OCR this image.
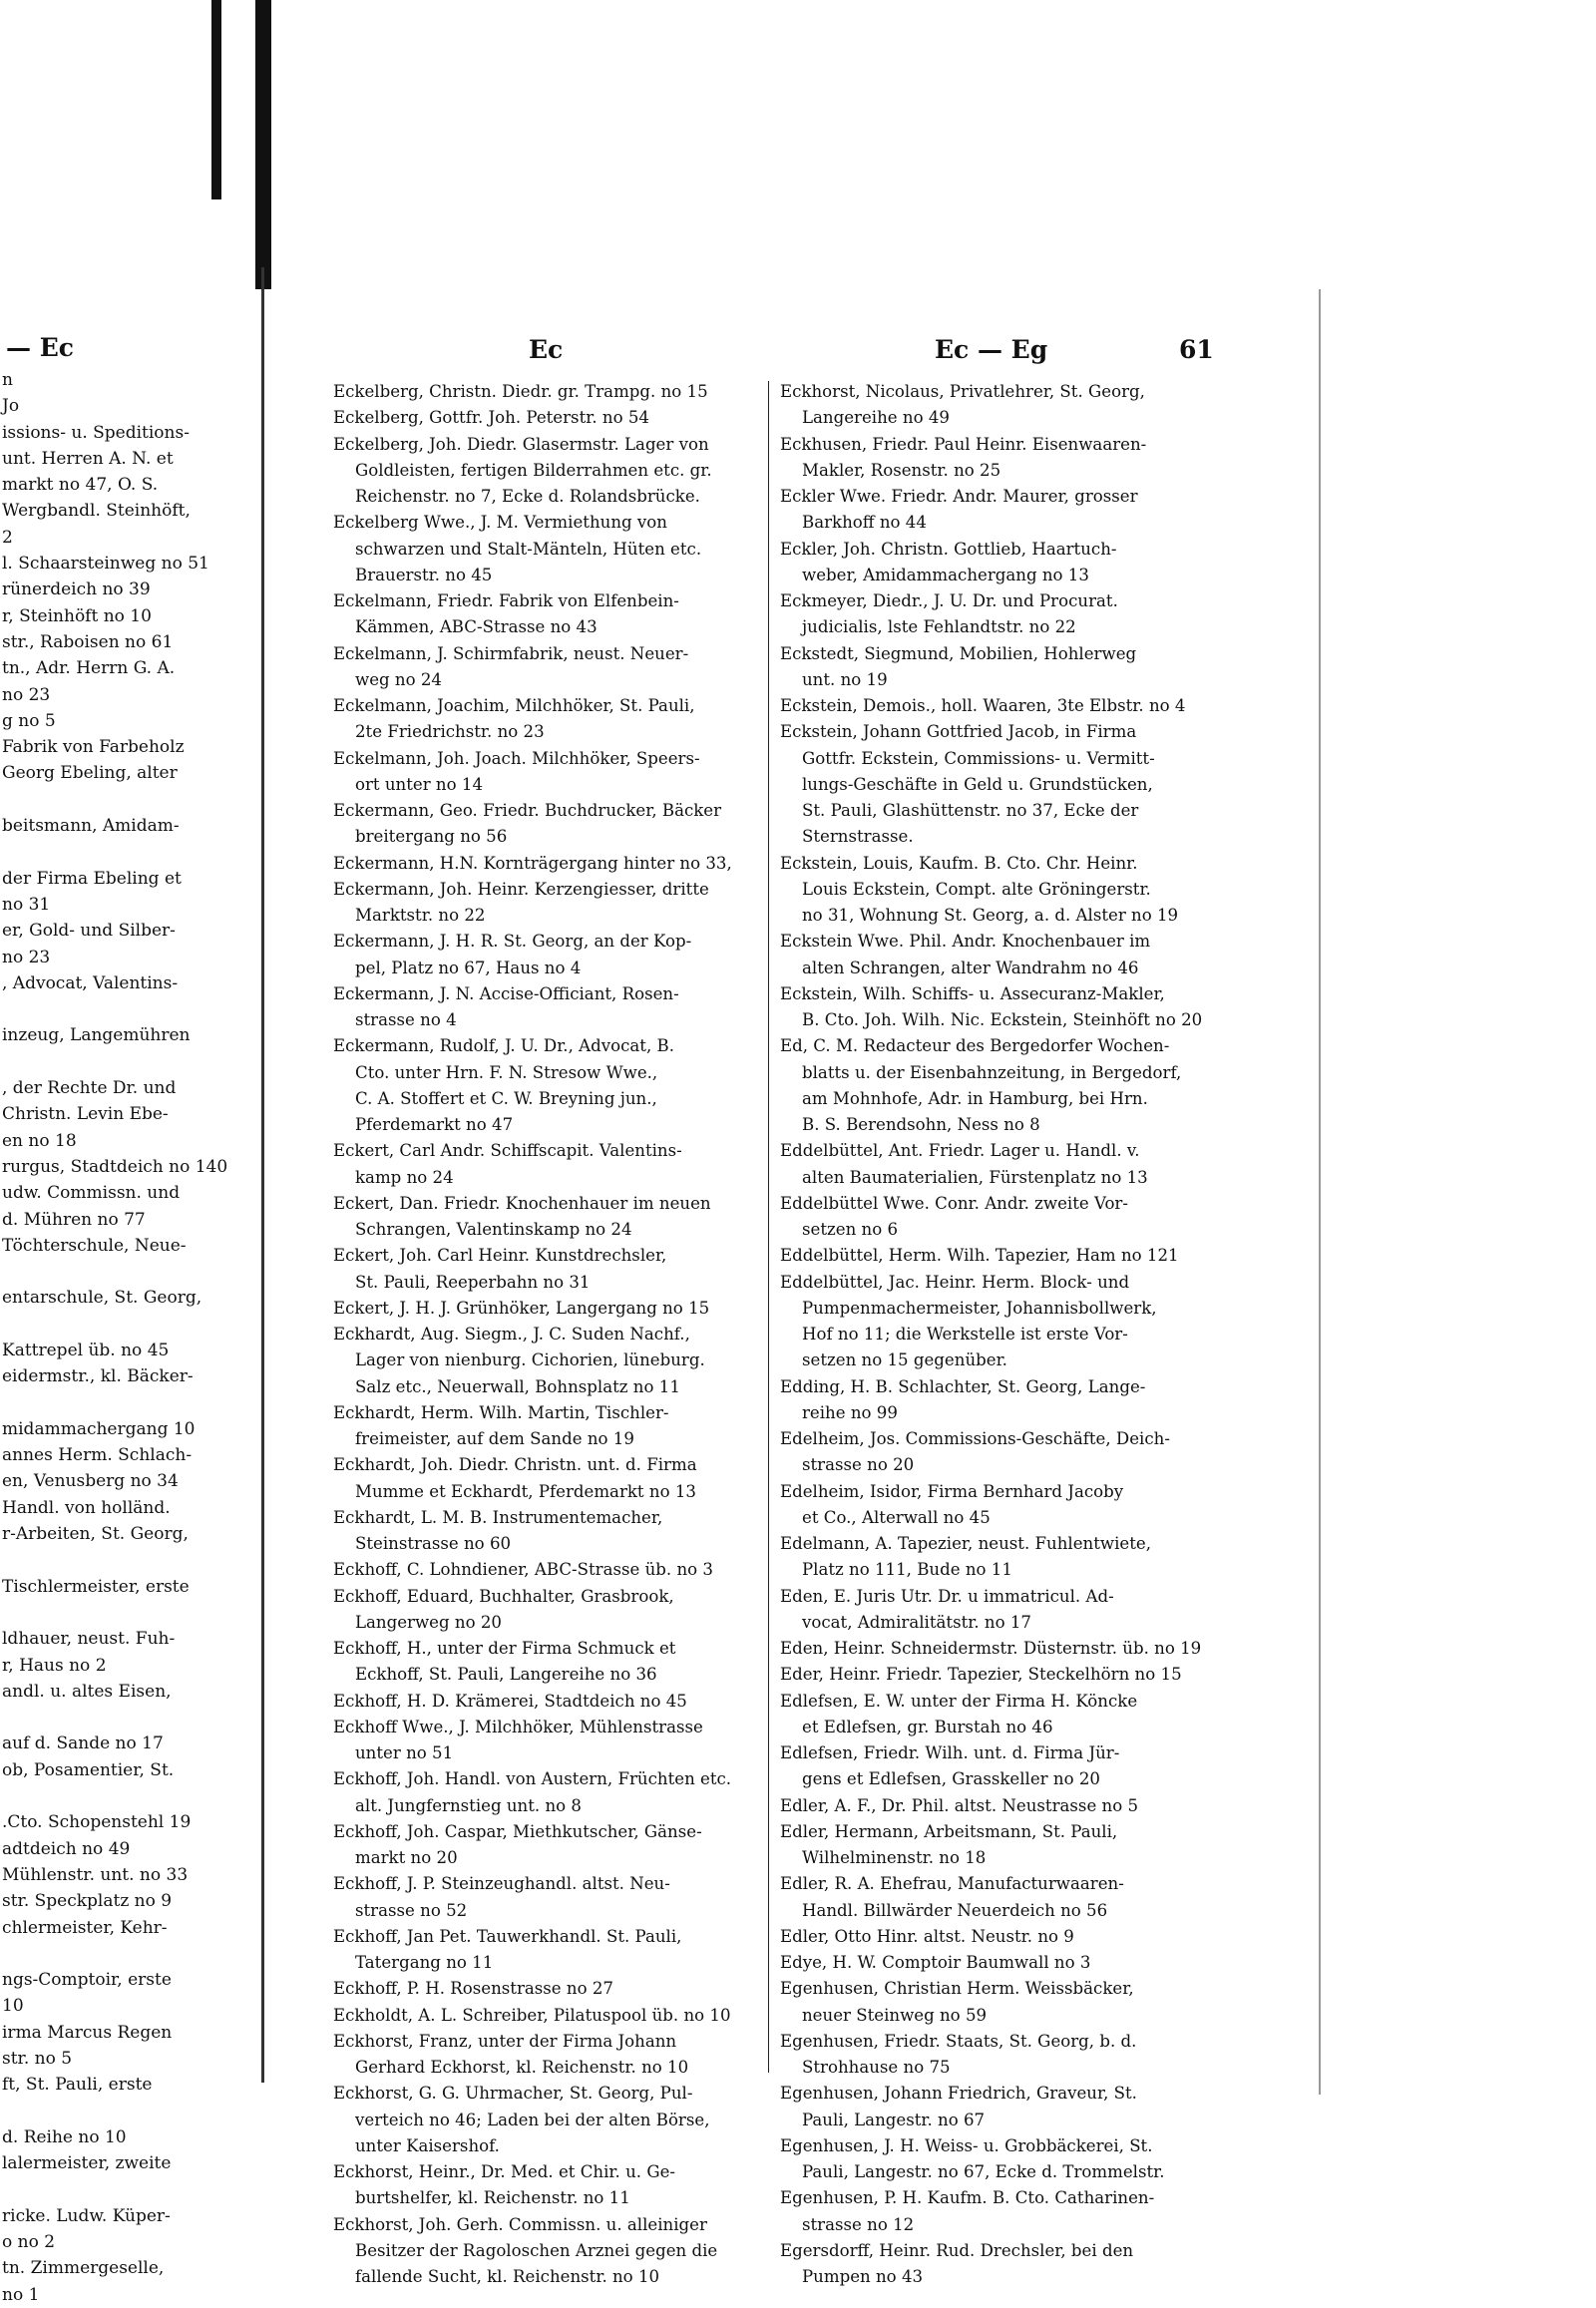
— Ec
n
Jo
issions- u. Speditions-
unt. Herren A. N. et
markt no 47, O. S.
Wergbandl. Steinhöft,
2
l. Schaarsteinweg no 51
rünerdeich no 39
r, Steinhöft no 10
str., Raboisen no 61
tn., Adr. Herrn G. A.
no 23
g no 5
Fabrik von Farbeholz
Georg Ebeling, alter

beitsmann, Amidam-

der Firma Ebeling et
no 31
er, Gold- und Silber-
no 23
, Advocat, Valentins-

inzeug, Langemühren

, der Rechte Dr. und
Christn. Levin Ebe-
en no 18
rurgus, Stadtdeich no 140
udw. Commissn. und
d. Mühren no 77
Töchterschule, Neue-

entarschule, St. Georg,

Kattrepel üb. no 45
eidermstr., kl. Bäcker-

midammachergang 10
annes Herm. Schlach-
en, Venusberg no 34
Handl. von holländ.
r-Arbeiten, St. Georg,

Tischlermeister, erste

ldhauer, neust. Fuh-
r, Haus no 2
andl. u. altes Eisen,

auf d. Sande no 17
ob, Posamentier, St.

.Cto. Schopenstehl 19
adtdeich no 49
Mühlenstr. unt. no 33
str. Speckplatz no 9
chlermeister, Kehr-

ngs-Comptoir, erste
10
irma Marcus Regen
str. no 5
ft, St. Pauli, erste

d. Reihe no 10
lalermeister, zweite

ricke. Ludw. Küper-
o no 2
tn. Zimmergeselle,
no 1
Ec	Ec — Eg	61
Eckelberg, Christn. Diedr. gr. Trampg. no 15
Eckelberg, Gottfr. Joh. Peterstr. no 54
Eckelberg, Joh. Diedr. Glasermstr. Lager von
Goldleisten, fertigen Bilderrahmen etc. gr.
Reichenstr. no 7, Ecke d. Rolandsbrücke.
Eckelberg Wwe., J. M. Vermiethung von
schwarzen und Stalt-Mänteln, Hüten etc.
Brauerstr. no 45
Eckelmann, Friedr. Fabrik von Elfenbein-
Kämmen, ABC-Strasse no 43
Eckelmann, J. Schirmfabrik, neust. Neuer-
weg no 24
Eckelmann, Joachim, Milchhöker, St. Pauli,
2te Friedrichstr. no 23
Eckelmann, Joh. Joach. Milchhöker, Speers-
ort unter no 14
Eckermann, Geo. Friedr. Buchdrucker, Bäcker
breitergang no 56
Eckermann, H.N. Kornträgergang hinter no 33,
Eckermann, Joh. Heinr. Kerzengiesser, dritte
Marktstr. no 22
Eckermann, J. H. R. St. Georg, an der Kop-
pel, Platz no 67, Haus no 4
Eckermann, J. N. Accise-Officiant, Rosen-
strasse no 4
Eckermann, Rudolf, J. U. Dr., Advocat, B.
Cto. unter Hrn. F. N. Stresow Wwe.,
C. A. Stoffert et C. W. Breyning jun.,
Pferdemarkt no 47
Eckert, Carl Andr. Schiffscapit. Valentins-
kamp no 24
Eckert, Dan. Friedr. Knochenhauer im neuen
Schrangen, Valentinskamp no 24
Eckert, Joh. Carl Heinr. Kunstdrechsler,
St. Pauli, Reeperbahn no 31
Eckert, J. H. J. Grünhöker, Langergang no 15
Eckhardt, Aug. Siegm., J. C. Suden Nachf.,
Lager von nienburg. Cichorien, lüneburg.
Salz etc., Neuerwall, Bohnsplatz no 11
Eckhardt, Herm. Wilh. Martin, Tischler-
freimeister, auf dem Sande no 19
Eckhardt, Joh. Diedr. Christn. unt. d. Firma
Mumme et Eckhardt, Pferdemarkt no 13
Eckhardt, L. M. B. Instrumentemacher,
Steinstrasse no 60
Eckhoff, C. Lohndiener, ABC-Strasse üb. no 3
Eckhoff, Eduard, Buchhalter, Grasbrook,
Langerweg no 20
Eckhoff, H., unter der Firma Schmuck et
Eckhoff, St. Pauli, Langereihe no 36
Eckhoff, H. D. Krämerei, Stadtdeich no 45
Eckhoff Wwe., J. Milchhöker, Mühlenstrasse
unter no 51
Eckhoff, Joh. Handl. von Austern, Früchten etc.
alt. Jungfernstieg unt. no 8
Eckhoff, Joh. Caspar, Miethkutscher, Gänse-
markt no 20
Eckhoff, J. P. Steinzeughandl. altst. Neu-
strasse no 52
Eckhoff, Jan Pet. Tauwerkhandl. St. Pauli,
Tatergang no 11
Eckhoff, P. H. Rosenstrasse no 27
Eckholdt, A. L. Schreiber, Pilatuspool üb. no 10
Eckhorst, Franz, unter der Firma Johann
Gerhard Eckhorst, kl. Reichenstr. no 10
Eckhorst, G. G. Uhrmacher, St. Georg, Pul-
verteich no 46; Laden bei der alten Börse,
unter Kaisershof.
Eckhorst, Heinr., Dr. Med. et Chir. u. Ge-
burtshelfer, kl. Reichenstr. no 11
Eckhorst, Joh. Gerh. Commissn. u. alleiniger
Besitzer der Ragoloschen Arznei gegen die
fallende Sucht, kl. Reichenstr. no 10
Eckhorst, Nicolaus, Privatlehrer, St. Georg,
Langereihe no 49
Eckhusen, Friedr. Paul Heinr. Eisenwaaren-
Makler, Rosenstr. no 25
Eckler Wwe. Friedr. Andr. Maurer, grosser
Barkhoff no 44
Eckler, Joh. Christn. Gottlieb, Haartuch-
weber, Amidammachergang no 13
Eckmeyer, Diedr., J. U. Dr. und Procurat.
judicialis, lste Fehlandtstr. no 22
Eckstedt, Siegmund, Mobilien, Hohlerweg
unt. no 19
Eckstein, Demois., holl. Waaren, 3te Elbstr. no 4
Eckstein, Johann Gottfried Jacob, in Firma
Gottfr. Eckstein, Commissions- u. Vermitt-
lungs-Geschäfte in Geld u. Grundstücken,
St. Pauli, Glashüttenstr. no 37, Ecke der
Sternstrasse.
Eckstein, Louis, Kaufm. B. Cto. Chr. Heinr.
Louis Eckstein, Compt. alte Gröningerstr.
no 31, Wohnung St. Georg, a. d. Alster no 19
Eckstein Wwe. Phil. Andr. Knochenbauer im
alten Schrangen, alter Wandrahm no 46
Eckstein, Wilh. Schiffs- u. Assecuranz-Makler,
B. Cto. Joh. Wilh. Nic. Eckstein, Steinhöft no 20
Ed, C. M. Redacteur des Bergedorfer Wochen-
blatts u. der Eisenbahnzeitung, in Bergedorf,
am Mohnhofe, Adr. in Hamburg, bei Hrn.
B. S. Berendsohn, Ness no 8
Eddelbüttel, Ant. Friedr. Lager u. Handl. v.
alten Baumaterialien, Fürstenplatz no 13
Eddelbüttel Wwe. Conr. Andr. zweite Vor-
setzen no 6
Eddelbüttel, Herm. Wilh. Tapezier, Ham no 121
Eddelbüttel, Jac. Heinr. Herm. Block- und
Pumpenmachermeister, Johannisbollwerk,
Hof no 11; die Werkstelle ist erste Vor-
setzen no 15 gegenüber.
Edding, H. B. Schlachter, St. Georg, Lange-
reihe no 99
Edelheim, Jos. Commissions-Geschäfte, Deich-
strasse no 20
Edelheim, Isidor, Firma Bernhard Jacoby
et Co., Alterwall no 45
Edelmann, A. Tapezier, neust. Fuhlentwiete,
Platz no 111, Bude no 11
Eden, E. Juris Utr. Dr. u immatricul. Ad-
vocat, Admiralitätstr. no 17
Eden, Heinr. Schneidermstr. Düsternstr. üb. no 19
Eder, Heinr. Friedr. Tapezier, Steckelhörn no 15
Edlefsen, E. W. unter der Firma H. Köncke
et Edlefsen, gr. Burstah no 46
Edlefsen, Friedr. Wilh. unt. d. Firma Jür-
gens et Edlefsen, Grasskeller no 20
Edler, A. F., Dr. Phil. altst. Neustrasse no 5
Edler, Hermann, Arbeitsmann, St. Pauli,
Wilhelminenstr. no 18
Edler, R. A. Ehefrau, Manufacturwaaren-
Handl. Billwärder Neuerdeich no 56
Edler, Otto Hinr. altst. Neustr. no 9
Edye, H. W. Comptoir Baumwall no 3
Egenhusen, Christian Herm. Weissbäcker,
neuer Steinweg no 59
Egenhusen, Friedr. Staats, St. Georg, b. d.
Strohhause no 75
Egenhusen, Johann Friedrich, Graveur, St.
Pauli, Langestr. no 67
Egenhusen, J. H. Weiss- u. Grobbäckerei, St.
Pauli, Langestr. no 67, Ecke d. Trommelstr.
Egenhusen, P. H. Kaufm. B. Cto. Catharinen-
strasse no 12
Egersdorff, Heinr. Rud. Drechsler, bei den
Pumpen no 43
